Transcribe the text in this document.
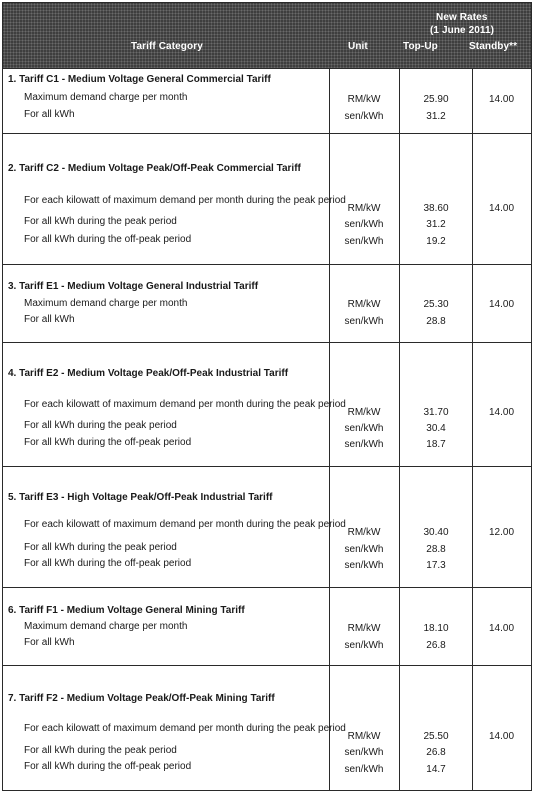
Tariff Category	Unit
New Rates
(1 June 2011)
Top-Up	Standby**
1. Tariff C1 - Medium Voltage General Commercial Tariff
Maximum demand charge per month
For all kWh
RM/kW
sen/kWh
25.90
31.2
14.00
2. Tariff C2 - Medium Voltage Peak/Off-Peak Commercial Tariff
For each kilowatt of maximum demand per month during the peak period
For all kWh during the peak period
For all kWh during the off-peak period
RM/kW
sen/kWh
sen/kWh
38.60
31.2
19.2
14.00
3. Tariff E1 - Medium Voltage General Industrial Tariff
Maximum demand charge per month
For all kWh
RM/kW
sen/kWh
25.30
28.8
14.00
4. Tariff E2 - Medium Voltage Peak/Off-Peak Industrial Tariff
For each kilowatt of maximum demand per month during the peak period
For all kWh during the peak period
For all kWh during the off-peak period
RM/kW
sen/kWh
sen/kWh
31.70
30.4
18.7
14.00
5. Tariff E3 - High Voltage Peak/Off-Peak Industrial Tariff
For each kilowatt of maximum demand per month during the peak period
For all kWh during the peak period
For all kWh during the off-peak period
RM/kW
sen/kWh
sen/kWh
30.40
28.8
17.3
12.00
6. Tariff F1 - Medium Voltage General Mining Tariff
Maximum demand charge per month
For all kWh
RM/kW
sen/kWh
18.10
26.8
14.00
7. Tariff F2 - Medium Voltage Peak/Off-Peak Mining Tariff
For each kilowatt of maximum demand per month during the peak period
For all kWh during the peak period
For all kWh during the off-peak period
RM/kW
sen/kWh
sen/kWh
25.50
26.8
14.7
14.00
